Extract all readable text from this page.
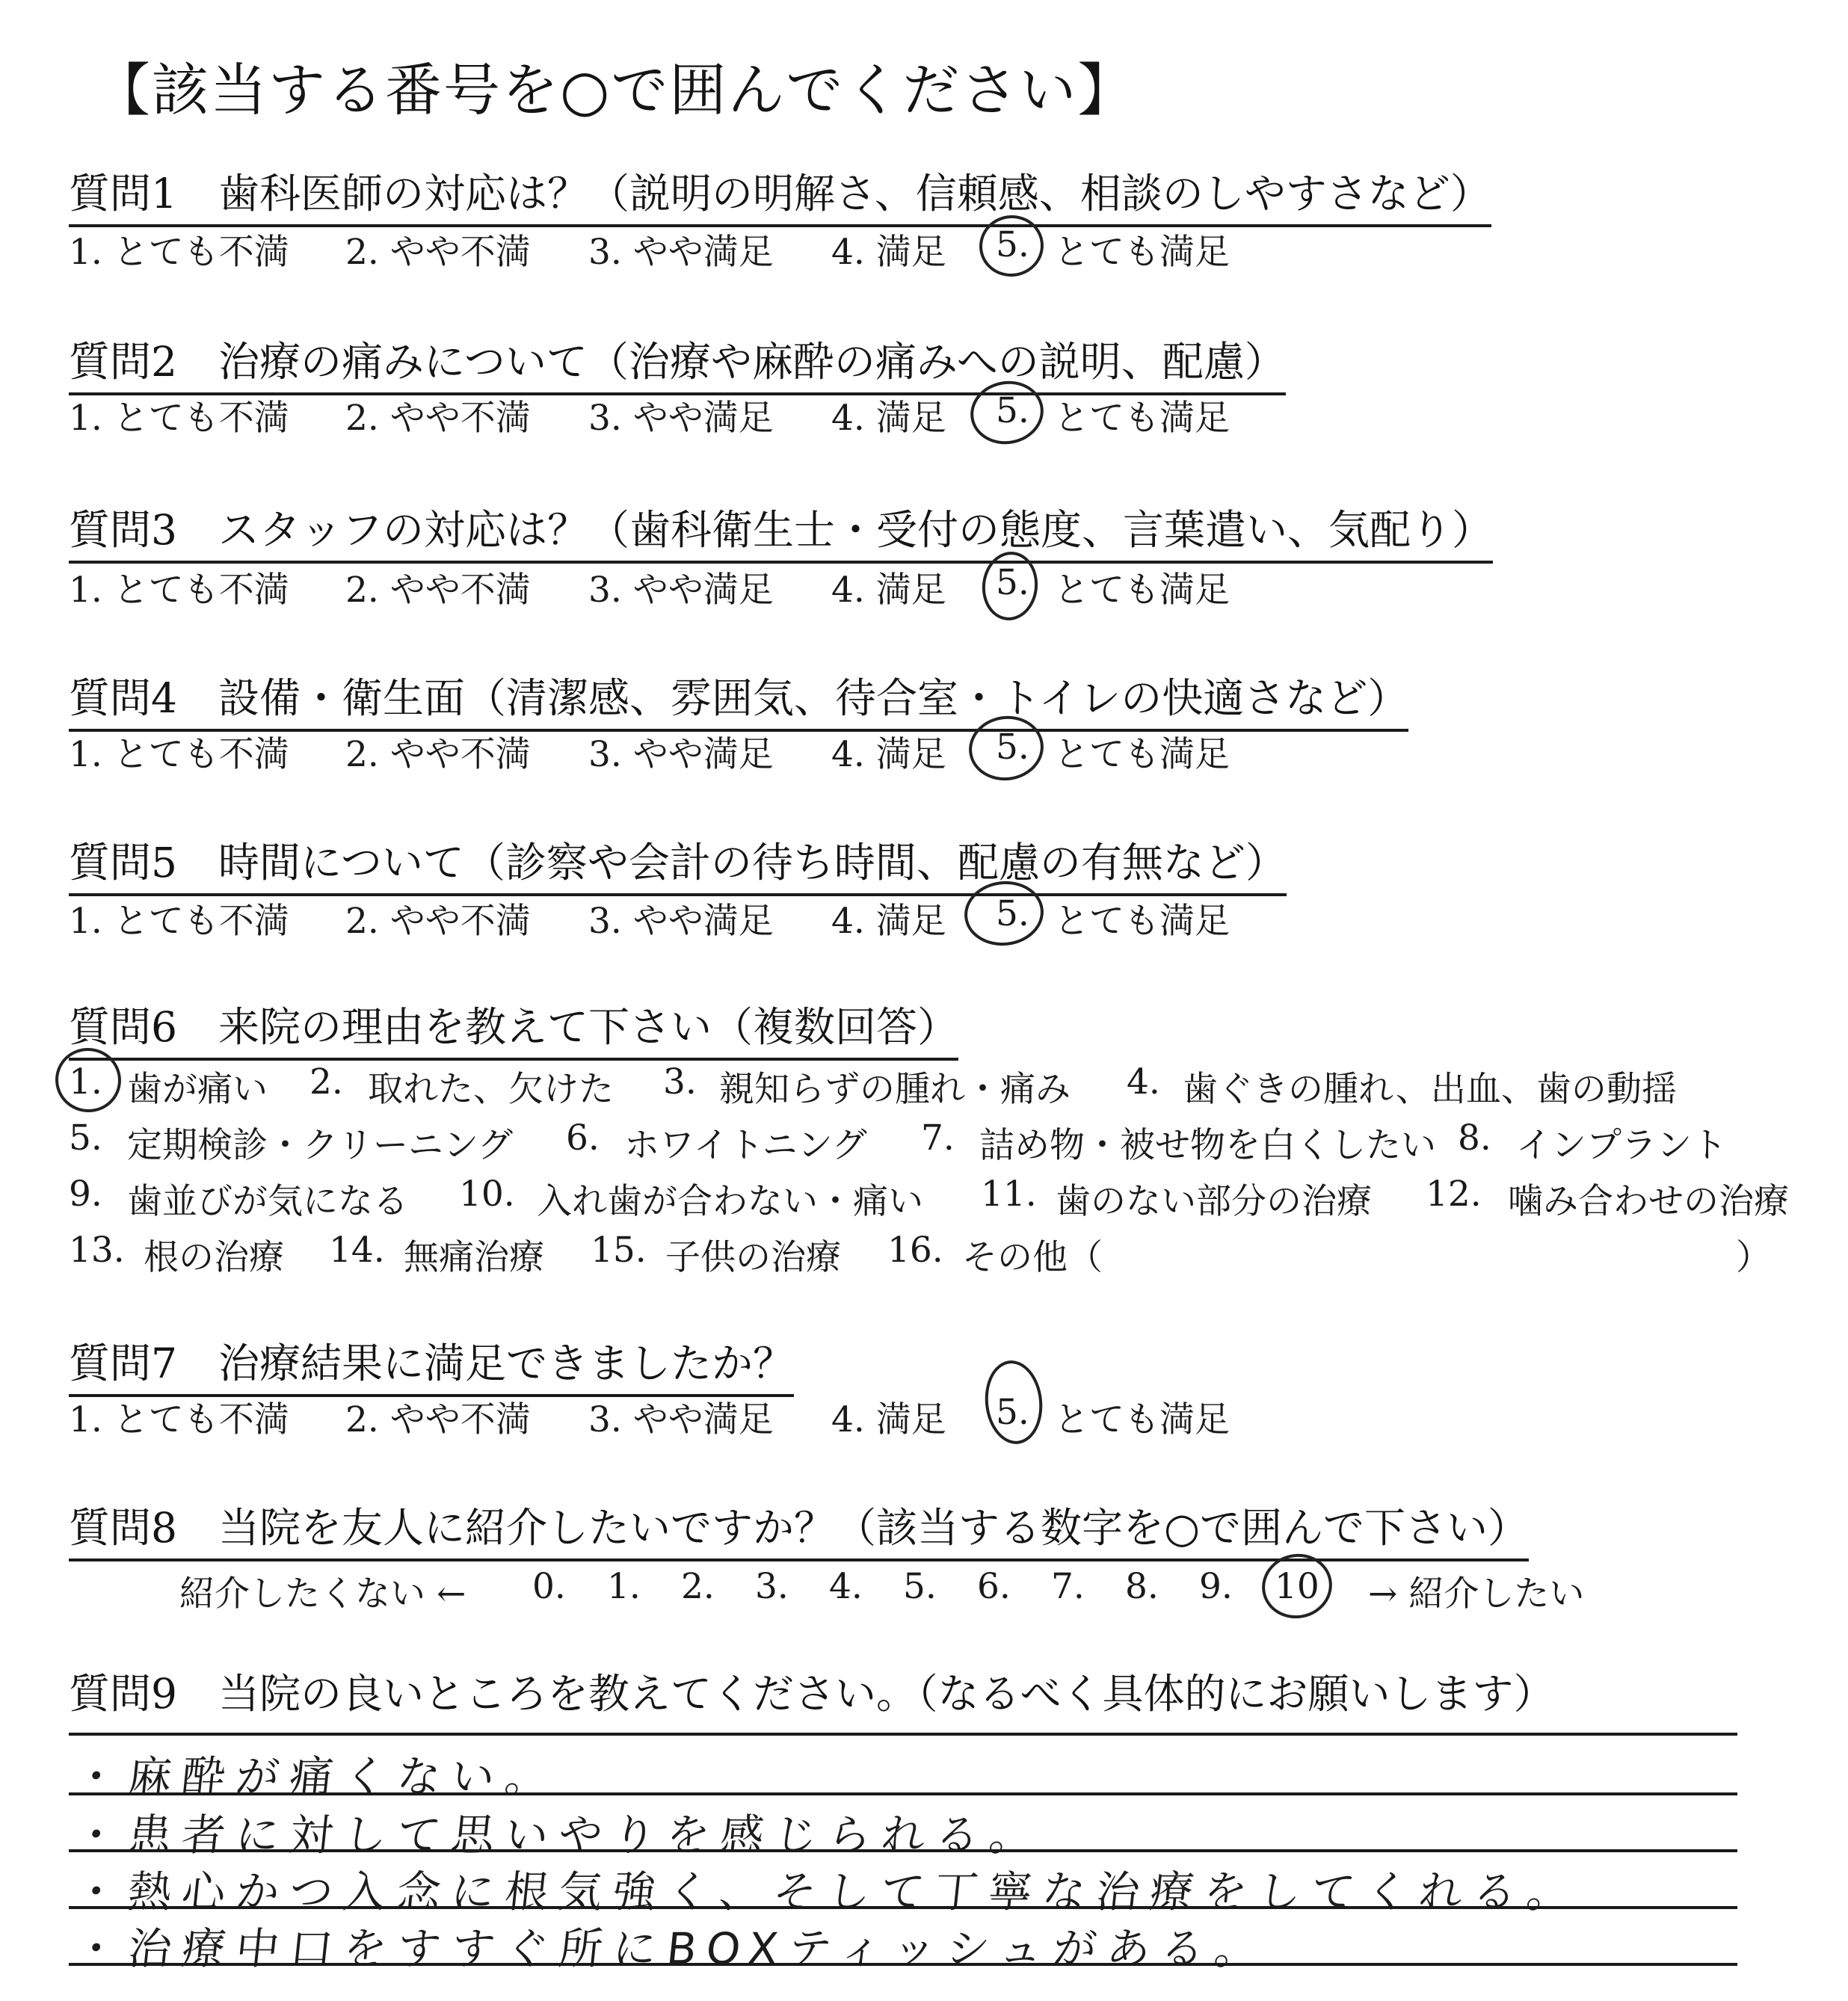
【該当する番号を○で囲んでください】
質問1　歯科医師の対応は？（説明の明解さ、信頼感、相談のしやすさなど）
1. とても不満 2. やや不満 3. やや満足 4. 満足 5. とても満足
質問2　治療の痛みについて（治療や麻酔の痛みへの説明、配慮）
1. とても不満 2. やや不満 3. やや満足 4. 満足 5. とても満足
質問3　スタッフの対応は？（歯科衛生士・受付の態度、言葉遣い、気配り）
1. とても不満 2. やや不満 3. やや満足 4. 満足 5. とても満足
質問4　設備・衛生面（清潔感、雰囲気、待合室・トイレの快適さなど）
1. とても不満 2. やや不満 3. やや満足 4. 満足 5. とても満足
質問5　時間について（診察や会計の待ち時間、配慮の有無など）
1. とても不満 2. やや不満 3. やや満足 4. 満足 5. とても満足
質問6　来院の理由を教えて下さい（複数回答）
1. 歯が痛い 2. 取れた、欠けた 3. 親知らずの腫れ・痛み 4. 歯ぐきの腫れ、出血、歯の動揺
5. 定期検診・クリーニング 6. ホワイトニング 7. 詰め物・被せ物を白くしたい 8. インプラント
9. 歯並びが気になる 10. 入れ歯が合わない・痛い 11. 歯のない部分の治療 12. 噛み合わせの治療
13. 根の治療 14. 無痛治療 15. 子供の治療 16. その他（	）
質問7　治療結果に満足できましたか？
1. とても不満 2. やや不満 3. やや満足 4. 満足 5. とても満足
質問8　当院を友人に紹介したいですか？（該当する数字を○で囲んで下さい）
紹介したくない ← 0. 1. 2. 3. 4. 5. 6. 7. 8. 9. 10 → 紹介したい
質問9　当院の良いところを教えてください。（なるべく具体的にお願いします）
・麻酔が痛くない。
・患者に対して思いやりを感じられる。
・熱心かつ入念に根気強く、そして丁寧な治療をしてくれる。
・治療中口をすすぐ所にBOXティッシュがある。
